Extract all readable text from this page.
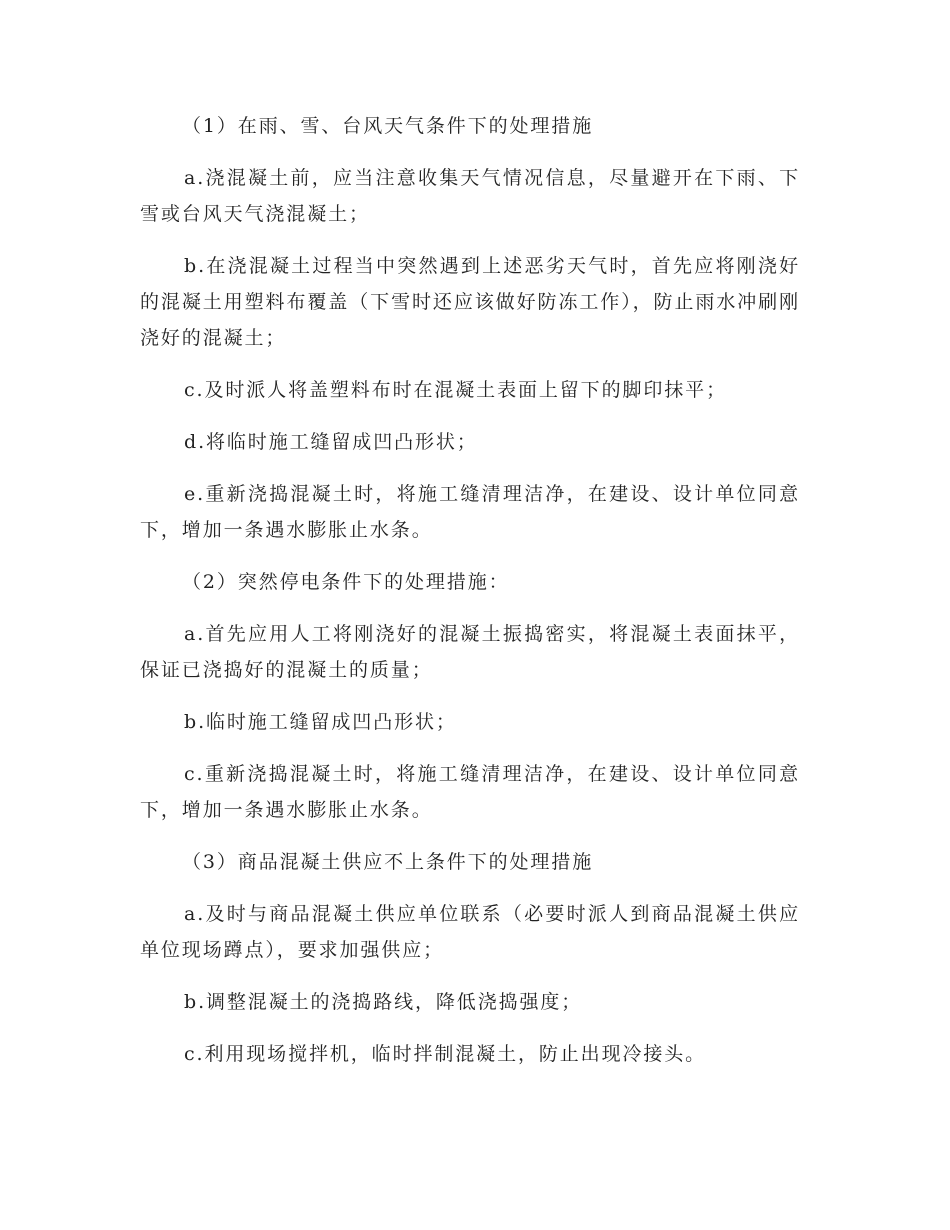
（1）在雨、雪、台风天气条件下的处理措施

a.浇混凝土前，应当注意收集天气情况信息，尽量避开在下雨、下雪或台风天气浇混凝土；

b.在浇混凝土过程当中突然遇到上述恶劣天气时，首先应将刚浇好的混凝土用塑料布覆盖（下雪时还应该做好防冻工作），防止雨水冲刷刚浇好的混凝土；

c.及时派人将盖塑料布时在混凝土表面上留下的脚印抹平；

d.将临时施工缝留成凹凸形状；

e.重新浇捣混凝土时，将施工缝清理洁净，在建设、设计单位同意下，增加一条遇水膨胀止水条。

（2）突然停电条件下的处理措施：

a.首先应用人工将刚浇好的混凝土振捣密实，将混凝土表面抹平，保证已浇捣好的混凝土的质量；

b.临时施工缝留成凹凸形状；

c.重新浇捣混凝土时，将施工缝清理洁净，在建设、设计单位同意下，增加一条遇水膨胀止水条。

（3）商品混凝土供应不上条件下的处理措施

a.及时与商品混凝土供应单位联系（必要时派人到商品混凝土供应单位现场蹲点），要求加强供应；

b.调整混凝土的浇捣路线，降低浇捣强度；

c.利用现场搅拌机，临时拌制混凝土，防止出现冷接头。
